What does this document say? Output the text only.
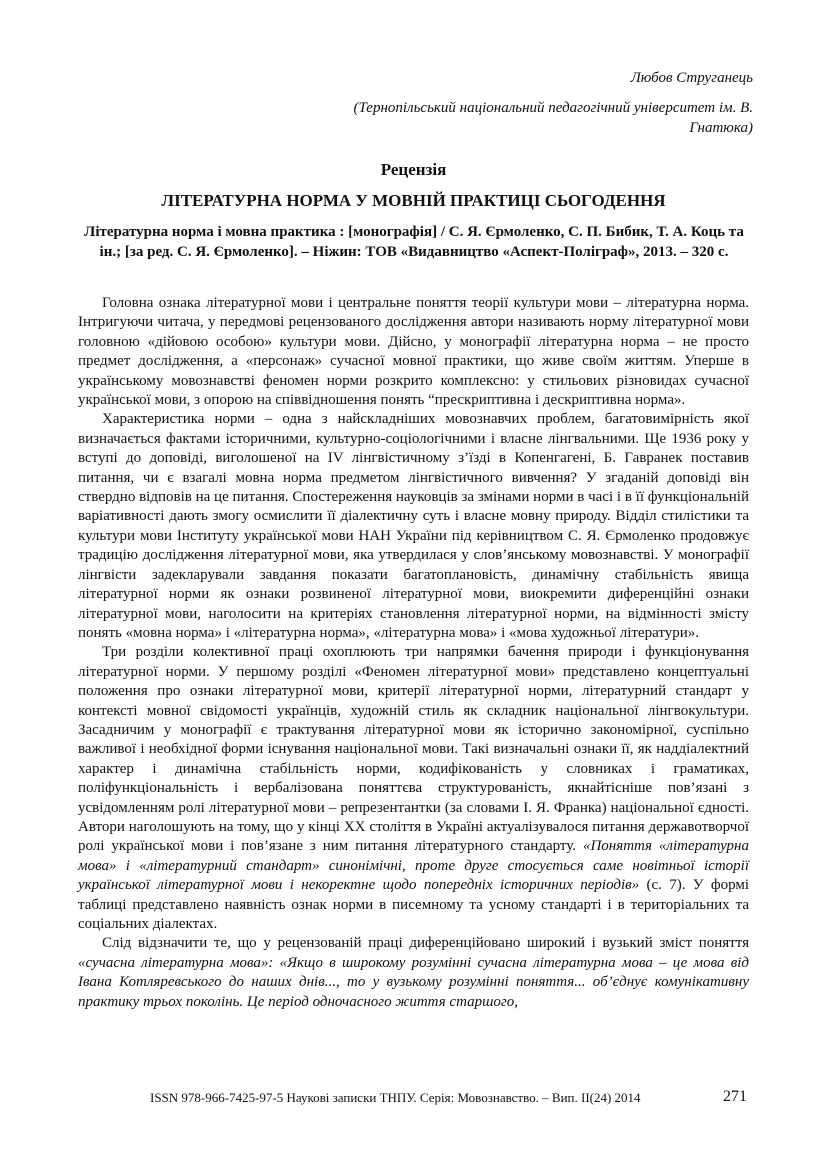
Любов Струганець
(Тернопільський національний педагогічний університет ім. В. Гнатюка)
Рецензія
ЛІТЕРАТУРНА НОРМА У МОВНІЙ ПРАКТИЦІ СЬОГОДЕННЯ
Літературна норма і мовна практика : [монографія] / С. Я. Єрмоленко, С. П. Бибик, Т. А. Коць та ін.; [за ред. С. Я. Єрмоленко]. – Ніжин: ТОВ «Видавництво «Аспект-Поліграф», 2013. – 320 с.

Головна ознака літературної мови і центральне поняття теорії культури мови – літературна норма. Інтригуючи читача, у передмові рецензованого дослідження автори називають норму літературної мови головною «дійовою особою» культури мови. Дійсно, у монографії літературна норма – не просто предмет дослідження, а «персонаж» сучасної мовної практики, що живе своїм життям. Уперше в українському мовознавстві феномен норми розкрито комплексно: у стильових різновидах сучасної української мови, з опорою на співвідношення понять “прескриптивна і дескриптивна норма».

Характеристика норми – одна з найскладніших мовознавчих проблем, багатовимірність якої визначається фактами історичними, культурно-соціологічними і власне лінгвальними. Ще 1936 року у вступі до доповіді, виголошеної на IV лінгвістичному з’їзді в Копенгагені, Б. Гавранек поставив питання, чи є взагалі мовна норма предметом лінгвістичного вивчення? У згаданій доповіді він ствердно відповів на це питання. Спостереження науковців за змінами норми в часі і в її функціональній варіативності дають змогу осмислити її діалектичну суть і власне мовну природу. Відділ стилістики та культури мови Інституту української мови НАН України під керівництвом С. Я. Єрмоленко продовжує традицію дослідження літературної мови, яка утвердилася у слов’янському мовознавстві. У монографії лінгвісти задекларували завдання показати багатоплановість, динамічну стабільність явища літературної норми як ознаки розвиненої літературної мови, виокремити диференційні ознаки літературної мови, наголосити на критеріях становлення літературної норми, на відмінності змісту понять «мовна норма» і «літературна норма», «літературна мова» і «мова художньої літератури».

Три розділи колективної праці охоплюють три напрямки бачення природи і функціонування літературної норми. У першому розділі «Феномен літературної мови» представлено концептуальні положення про ознаки літературної мови, критерії літературної норми, літературний стандарт у контексті мовної свідомості українців, художній стиль як складник національної лінгвокультури. Засадничим у монографії є трактування літературної мови як історично закономірної, суспільно важливої і необхідної форми існування національної мови. Такі визначальні ознаки її, як наддіалектний характер і динамічна стабільність норми, кодифікованість у словниках і граматиках, поліфункціональність і вербалізована поняттєва структурованість, якнайтісніше пов’язані з усвідомленням ролі літературної мови – репрезентантки (за словами І. Я. Франка) національної єдності. Автори наголошують на тому, що у кінці XX століття в Україні актуалізувалося питання державотворчої ролі української мови і пов’язане з ним питання літературного стандарту. «Поняття «літературна мова» і «літературний стандарт» синонімічні, проте друге стосується саме новітньої історії української літературної мови і некоректне щодо попередніх історичних періодів» (с. 7). У формі таблиці представлено наявність ознак норми в писемному та усному стандарті і в територіальних та соціальних діалектах.

Слід відзначити те, що у рецензованій праці диференційовано широкий і вузький зміст поняття «сучасна літературна мова»: «Якщо в широкому розумінні сучасна літературна мова – це мова від Івана Котляревського до наших днів..., то у вузькому розумінні поняття... об’єднує комунікативну практику трьох поколінь. Це період одночасного життя старшого,

ISSN 978-966-7425-97-5 Наукові записки ТНПУ. Серія: Мовознавство. – Вип. ІІ(24) 2014	271
